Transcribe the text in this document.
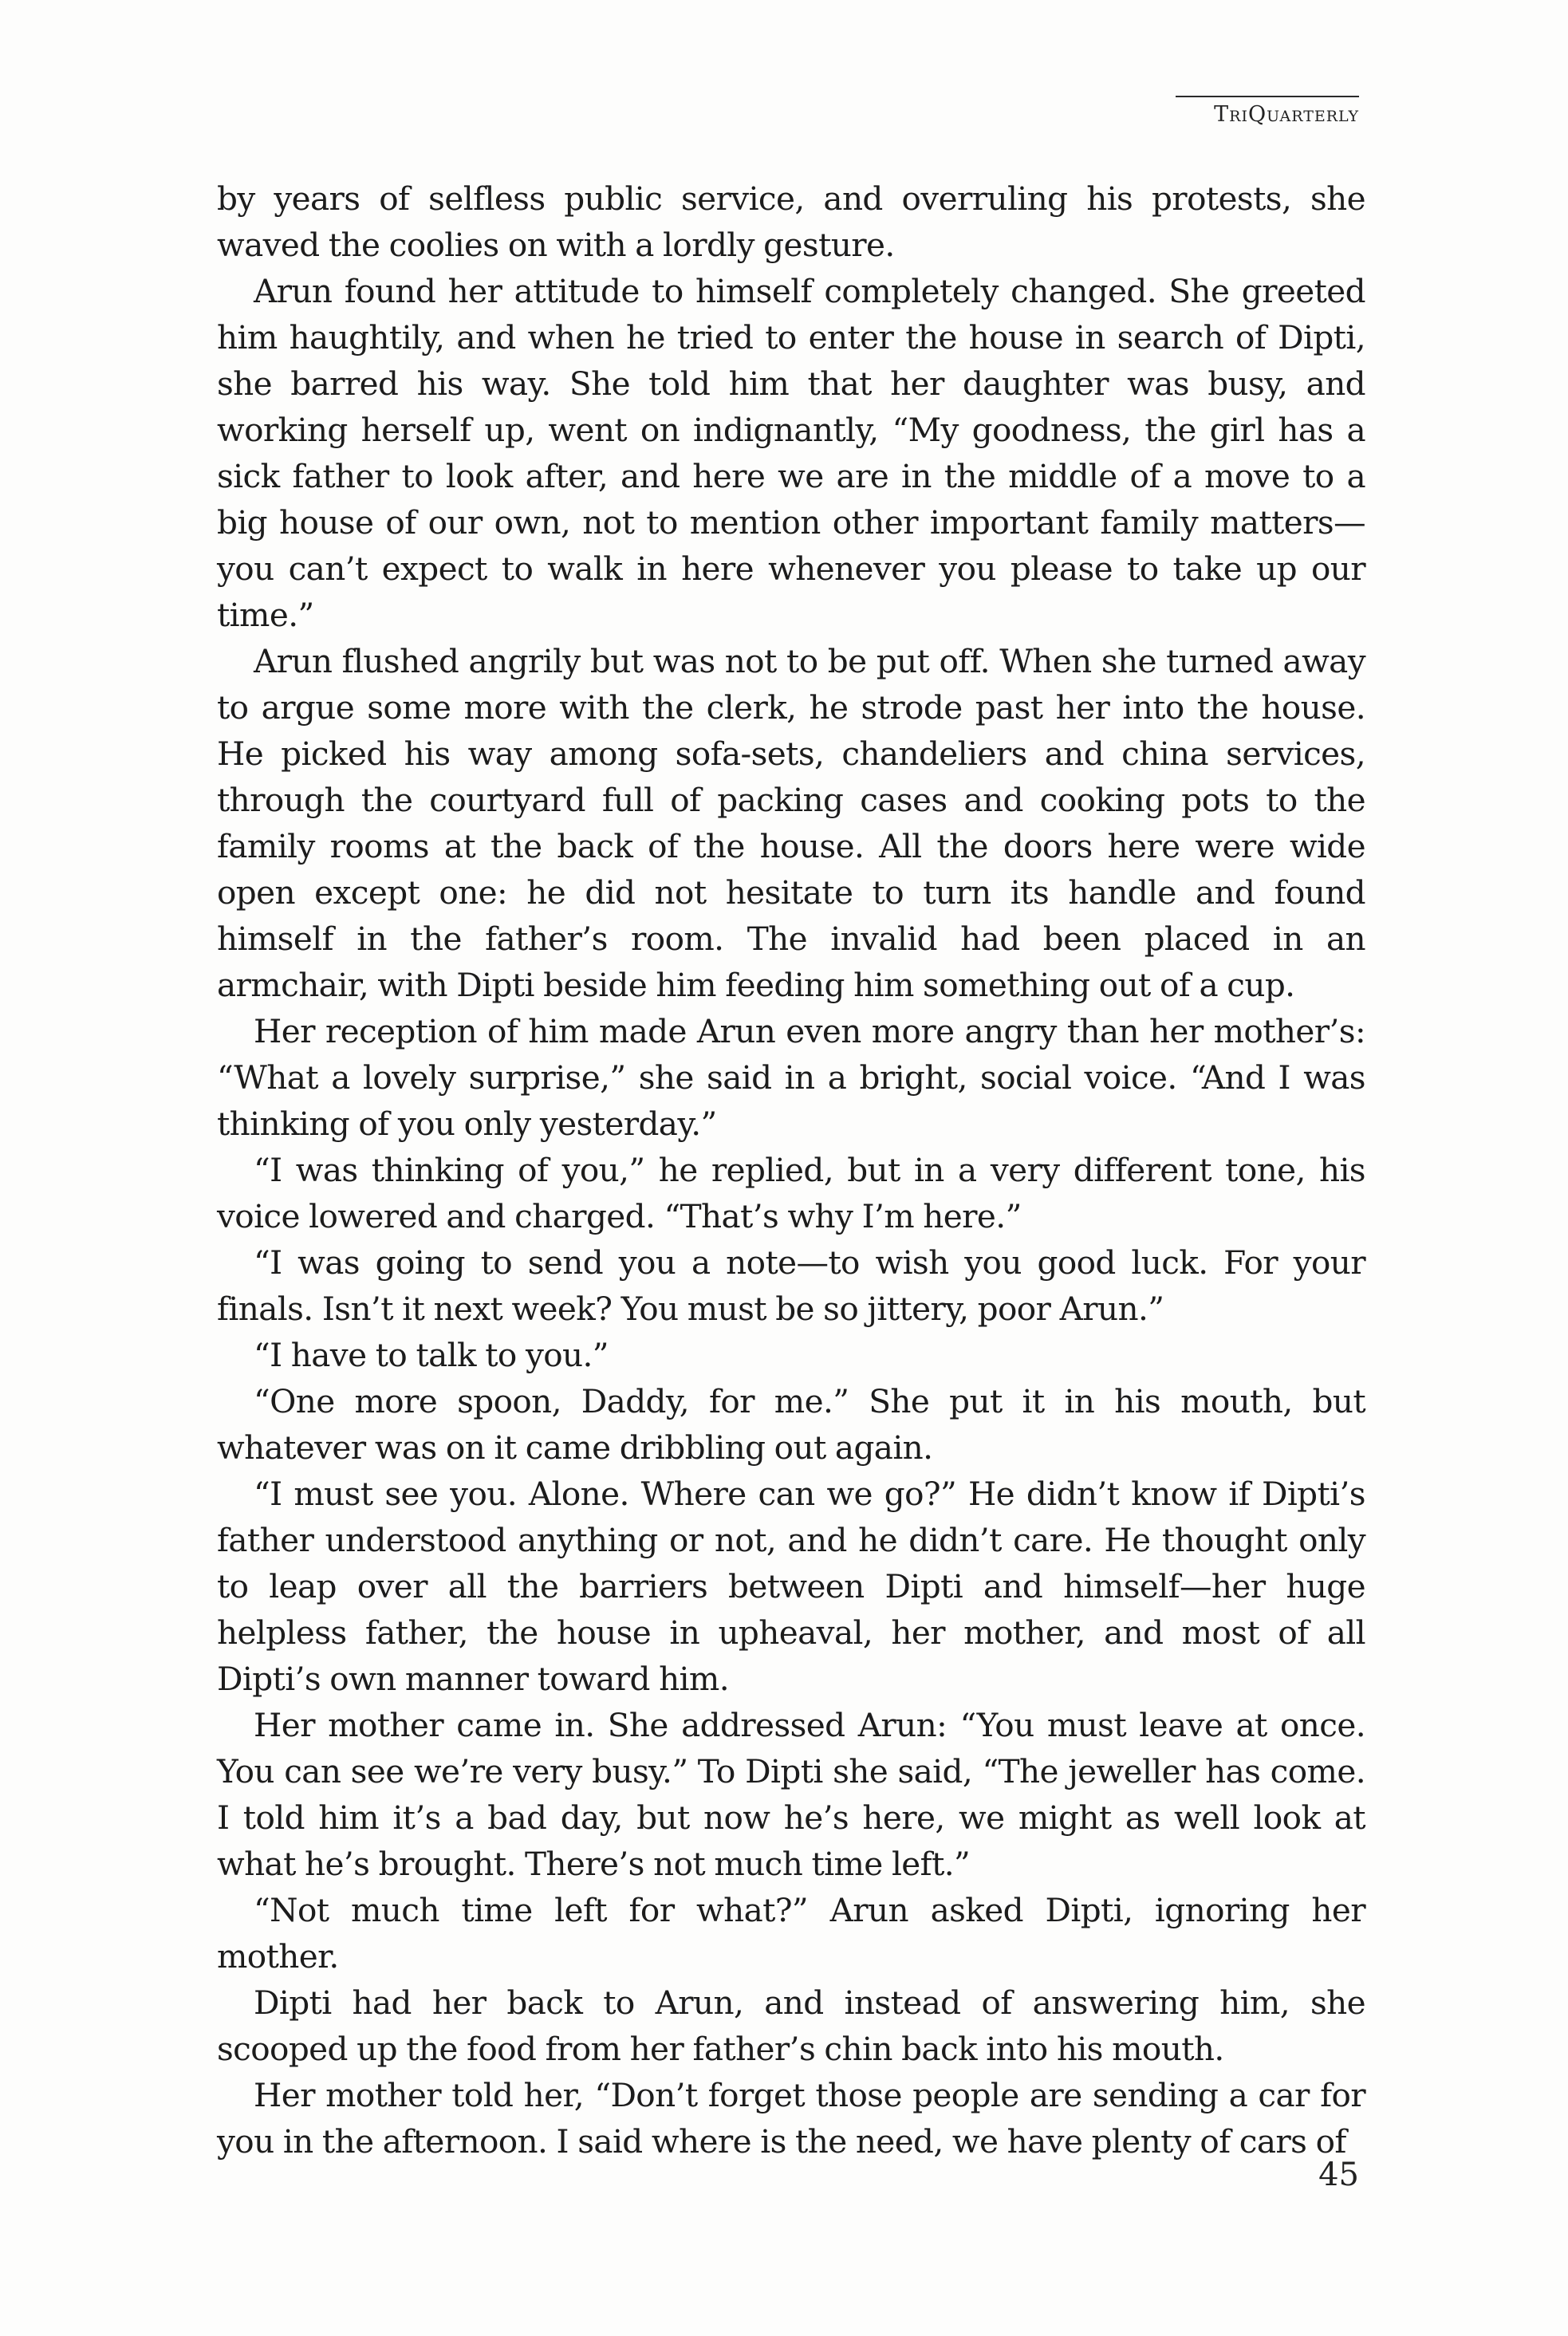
TriQuarterly

by years of selfless public service, and overruling his protests, she waved the coolies on with a lordly gesture.

Arun found her attitude to himself completely changed. She greeted him haughtily, and when he tried to enter the house in search of Dipti, she barred his way. She told him that her daughter was busy, and working herself up, went on indignantly, “My goodness, the girl has a sick father to look after, and here we are in the middle of a move to a big house of our own, not to mention other important family matters—you can’t expect to walk in here whenever you please to take up our time.”

Arun flushed angrily but was not to be put off. When she turned away to argue some more with the clerk, he strode past her into the house. He picked his way among sofa-sets, chandeliers and china services, through the courtyard full of packing cases and cooking pots to the family rooms at the back of the house. All the doors here were wide open except one: he did not hesitate to turn its handle and found himself in the father’s room. The invalid had been placed in an armchair, with Dipti beside him feeding him something out of a cup.

Her reception of him made Arun even more angry than her mother’s: “What a lovely surprise,” she said in a bright, social voice. “And I was thinking of you only yesterday.”

“I was thinking of you,” he replied, but in a very different tone, his voice lowered and charged. “That’s why I’m here.”

“I was going to send you a note—to wish you good luck. For your finals. Isn’t it next week? You must be so jittery, poor Arun.”

“I have to talk to you.”

“One more spoon, Daddy, for me.” She put it in his mouth, but whatever was on it came dribbling out again.

“I must see you. Alone. Where can we go?” He didn’t know if Dipti’s father understood anything or not, and he didn’t care. He thought only to leap over all the barriers between Dipti and himself—her huge helpless father, the house in upheaval, her mother, and most of all Dipti’s own manner toward him.

Her mother came in. She addressed Arun: “You must leave at once. You can see we’re very busy.” To Dipti she said, “The jeweller has come. I told him it’s a bad day, but now he’s here, we might as well look at what he’s brought. There’s not much time left.”

“Not much time left for what?” Arun asked Dipti, ignoring her mother.

Dipti had her back to Arun, and instead of answering him, she scooped up the food from her father’s chin back into his mouth.

Her mother told her, “Don’t forget those people are sending a car for you in the afternoon. I said where is the need, we have plenty of cars of

45
